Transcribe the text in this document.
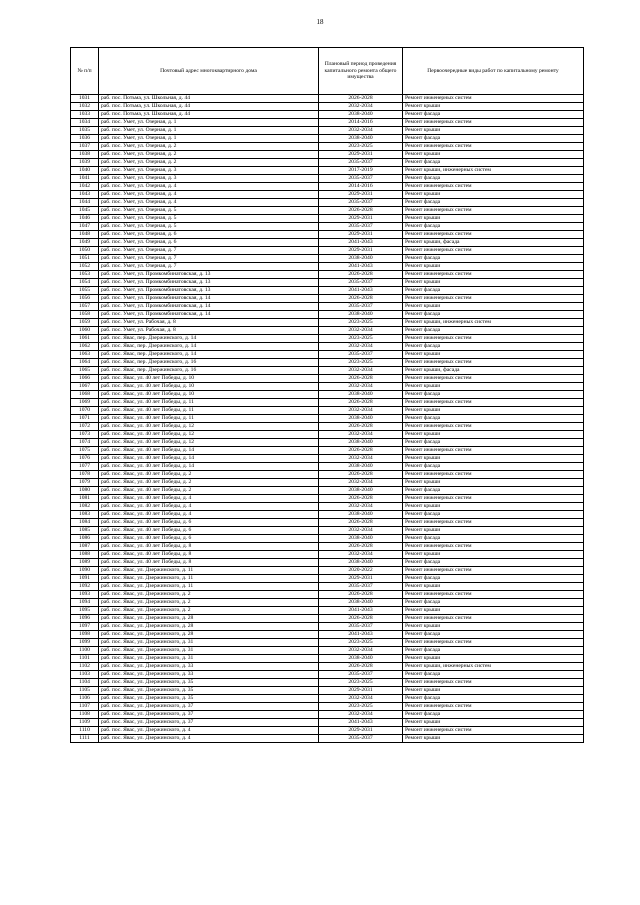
18
№ п/п	Почтовый адрес многоквартирного дома	Плановый период проведения капитального ремонта общего имущества	Первоочередные виды работ по капитальному ремонту
1031	раб. пос. Потьма, ул. Школьная, д. 44	2026-2028	Ремонт инженерных систем
1032	раб. пос. Потьма, ул. Школьная, д. 44	2032-2034	Ремонт крыши
1033	раб. пос. Потьма, ул. Школьная, д. 44	2038-2040	Ремонт фасада
1034	раб. пос. Умет, ул. Озерная, д. 1	2014-2016	Ремонт инженерных систем
1035	раб. пос. Умет, ул. Озерная, д. 1	2032-2034	Ремонт крыши
1036	раб. пос. Умет, ул. Озерная, д. 1	2038-2040	Ремонт фасада
1037	раб. пос. Умет, ул. Озерная, д. 2	2023-2025	Ремонт инженерных систем
1038	раб. пос. Умет, ул. Озерная, д. 2	2029-2031	Ремонт крыши
1039	раб. пос. Умет, ул. Озерная, д. 2	2035-2037	Ремонт фасада
1040	раб. пос. Умет, ул. Озерная, д. 3	2017-2019	Ремонт крыши, инженерных систем
1041	раб. пос. Умет, ул. Озерная, д. 3	2035-2037	Ремонт фасада
1042	раб. пос. Умет, ул. Озерная, д. 4	2014-2016	Ремонт инженерных систем
1043	раб. пос. Умет, ул. Озерная, д. 4	2029-2031	Ремонт крыши
1044	раб. пос. Умет, ул. Озерная, д. 4	2035-2037	Ремонт фасада
1045	раб. пос. Умет, ул. Озерная, д. 5	2026-2028	Ремонт инженерных систем
1046	раб. пос. Умет, ул. Озерная, д. 5	2029-2031	Ремонт крыши
1047	раб. пос. Умет, ул. Озерная, д. 5	2035-2037	Ремонт фасада
1048	раб. пос. Умет, ул. Озерная, д. 6	2029-2031	Ремонт инженерных систем
1049	раб. пос. Умет, ул. Озерная, д. 6	2041-2043	Ремонт крыши, фасада
1050	раб. пос. Умет, ул. Озерная, д. 7	2029-2031	Ремонт инженерных систем
1051	раб. пос. Умет, ул. Озерная, д. 7	2038-2040	Ремонт фасада
1052	раб. пос. Умет, ул. Озерная, д. 7	2041-2043	Ремонт крыши
1053	раб. пос. Умет, ул. Промкомбинатовская, д. 13	2026-2028	Ремонт инженерных систем
1054	раб. пос. Умет, ул. Промкомбинатовская, д. 13	2035-2037	Ремонт крыши
1055	раб. пос. Умет, ул. Промкомбинатовская, д. 13	2041-2043	Ремонт фасада
1056	раб. пос. Умет, ул. Промкомбинатовская, д. 14	2026-2028	Ремонт инженерных систем
1057	раб. пос. Умет, ул. Промкомбинатовская, д. 14	2035-2037	Ремонт крыши
1058	раб. пос. Умет, ул. Промкомбинатовская, д. 14	2038-2040	Ремонт фасада
1059	раб. пос. Умет, ул. Рабочая, д. 8	2023-2025	Ремонт крыши, инженерных систем
1060	раб. пос. Умет, ул. Рабочая, д. 8	2032-2034	Ремонт фасада
1061	раб. пос. Явас, пер. Дзержинского, д. 14	2023-2025	Ремонт инженерных систем
1062	раб. пос. Явас, пер. Дзержинского, д. 14	2032-2034	Ремонт фасада
1063	раб. пос. Явас, пер. Дзержинского, д. 14	2035-2037	Ремонт крыши
1064	раб. пос. Явас, пер. Дзержинского, д. 16	2023-2025	Ремонт инженерных систем
1065	раб. пос. Явас, пер. Дзержинского, д. 16	2032-2034	Ремонт крыши, фасада
1066	раб. пос. Явас, ул. 40 лет Победы, д. 10	2026-2028	Ремонт инженерных систем
1067	раб. пос. Явас, ул. 40 лет Победы, д. 10	2032-2034	Ремонт крыши
1068	раб. пос. Явас, ул. 40 лет Победы, д. 10	2038-2040	Ремонт фасада
1069	раб. пос. Явас, ул. 40 лет Победы, д. 11	2026-2028	Ремонт инженерных систем
1070	раб. пос. Явас, ул. 40 лет Победы, д. 11	2032-2034	Ремонт крыши
1071	раб. пос. Явас, ул. 40 лет Победы, д. 11	2038-2040	Ремонт фасада
1072	раб. пос. Явас, ул. 40 лет Победы, д. 12	2026-2028	Ремонт инженерных систем
1073	раб. пос. Явас, ул. 40 лет Победы, д. 12	2032-2034	Ремонт крыши
1074	раб. пос. Явас, ул. 40 лет Победы, д. 12	2038-2040	Ремонт фасада
1075	раб. пос. Явас, ул. 40 лет Победы, д. 14	2026-2028	Ремонт инженерных систем
1076	раб. пос. Явас, ул. 40 лет Победы, д. 14	2032-2034	Ремонт крыши
1077	раб. пос. Явас, ул. 40 лет Победы, д. 14	2038-2040	Ремонт фасада
1078	раб. пос. Явас, ул. 40 лет Победы, д. 2	2026-2028	Ремонт инженерных систем
1079	раб. пос. Явас, ул. 40 лет Победы, д. 2	2032-2034	Ремонт крыши
1080	раб. пос. Явас, ул. 40 лет Победы, д. 2	2038-2040	Ремонт фасада
1081	раб. пос. Явас, ул. 40 лет Победы, д. 4	2026-2028	Ремонт инженерных систем
1082	раб. пос. Явас, ул. 40 лет Победы, д. 4	2032-2034	Ремонт крыши
1083	раб. пос. Явас, ул. 40 лет Победы, д. 4	2038-2040	Ремонт фасада
1084	раб. пос. Явас, ул. 40 лет Победы, д. 6	2026-2028	Ремонт инженерных систем
1085	раб. пос. Явас, ул. 40 лет Победы, д. 6	2032-2034	Ремонт крыши
1086	раб. пос. Явас, ул. 40 лет Победы, д. 6	2038-2040	Ремонт фасада
1087	раб. пос. Явас, ул. 40 лет Победы, д. 8	2026-2028	Ремонт инженерных систем
1088	раб. пос. Явас, ул. 40 лет Победы, д. 8	2032-2034	Ремонт крыши
1089	раб. пос. Явас, ул. 40 лет Победы, д. 8	2038-2040	Ремонт фасада
1090	раб. пос. Явас, ул. Дзержинского, д. 11	2020-2022	Ремонт инженерных систем
1091	раб. пос. Явас, ул. Дзержинского, д. 11	2029-2031	Ремонт фасада
1092	раб. пос. Явас, ул. Дзержинского, д. 11	2035-2037	Ремонт крыши
1093	раб. пос. Явас, ул. Дзержинского, д. 2	2026-2028	Ремонт инженерных систем
1094	раб. пос. Явас, ул. Дзержинского, д. 2	2038-2040	Ремонт фасада
1095	раб. пос. Явас, ул. Дзержинского, д. 2	2041-2043	Ремонт крыши
1096	раб. пос. Явас, ул. Дзержинского, д. 28	2026-2028	Ремонт инженерных систем
1097	раб. пос. Явас, ул. Дзержинского, д. 28	2035-2037	Ремонт крыши
1098	раб. пос. Явас, ул. Дзержинского, д. 28	2041-2043	Ремонт фасада
1099	раб. пос. Явас, ул. Дзержинского, д. 31	2023-2025	Ремонт инженерных систем
1100	раб. пос. Явас, ул. Дзержинского, д. 31	2032-2034	Ремонт фасада
1101	раб. пос. Явас, ул. Дзержинского, д. 31	2038-2040	Ремонт крыши
1102	раб. пос. Явас, ул. Дзержинского, д. 33	2026-2028	Ремонт крыши, инженерных систем
1103	раб. пос. Явас, ул. Дзержинского, д. 33	2035-2037	Ремонт фасада
1104	раб. пос. Явас, ул. Дзержинского, д. 35	2023-2025	Ремонт инженерных систем
1105	раб. пос. Явас, ул. Дзержинского, д. 35	2029-2031	Ремонт крыши
1106	раб. пос. Явас, ул. Дзержинского, д. 35	2032-2034	Ремонт фасада
1107	раб. пос. Явас, ул. Дзержинского, д. 37	2023-2025	Ремонт инженерных систем
1108	раб. пос. Явас, ул. Дзержинского, д. 37	2032-2034	Ремонт фасада
1109	раб. пос. Явас, ул. Дзержинского, д. 37	2041-2043	Ремонт крыши
1110	раб. пос. Явас, ул. Дзержинского, д. 4	2029-2031	Ремонт инженерных систем
1111	раб. пос. Явас, ул. Дзержинского, д. 4	2035-2037	Ремонт крыши
